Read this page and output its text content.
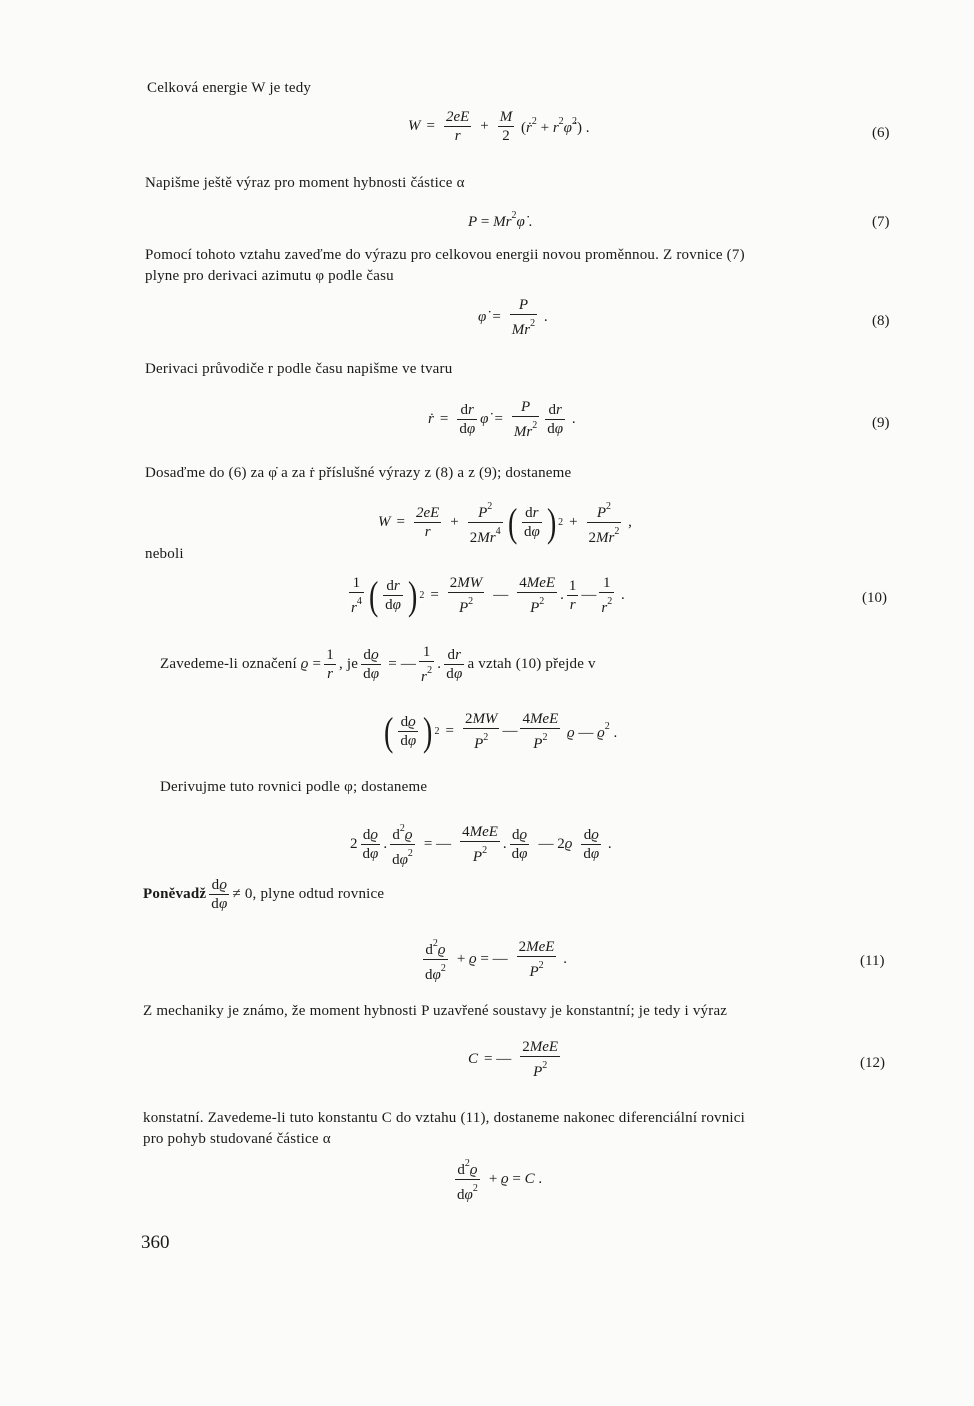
Celková energie W je tedy
$W = \frac{2eE}{r} + \frac{M}{2}$ (ṙ$^2$ + $r^2\varphi̇^2$) .	(6)
Napišme ještě výraz pro moment hybnosti částice α
$P = Mr^2\varphi̇$ .	(7)
Pomocí tohoto vztahu zaveďme do výrazu pro celkovou energii novou proměnnou. Z rovnice (7)
plyne pro derivaci azimutu φ podle času
φ̇ = $\frac{P}{Mr^2}$ .	(8)
Derivaci průvodiče r podle času napišme ve tvaru
ṙ = $\frac{dr}{d\varphi}$ φ̇ = $\frac{P}{Mr^2} \frac{dr}{d\varphi}$ .	(9)
Dosaďme do (6) za φ̇ a za ṙ příslušné výrazy z (8) a z (9); dostaneme
$W = \frac{2eE}{r} + \frac{P^2}{2Mr^4}$ ( $\frac{dr}{d\varphi}$ ) $2 + \frac{P^2}{2Mr^2}$ ,
neboli
$\frac{1}{r^4}$ ( $\frac{dr}{d\varphi}$ ) $2 = \frac{2MW}{P^2}$ — $\frac{\text{4MeE}}{P^2}$ . $\frac{1}{r}$ — $\frac{1}{r^2}$ .	(10)
Zavedeme-li označení $ϱ = \frac{1}{r}$ , je $\frac{dϱ}{d\varphi}$ = — $\frac{1}{r^2}$ . $\frac{dr}{d\varphi}$ a vztah (10) přejde v
( $\frac{dϱ}{d\varphi}$ ) $2 = \frac{2MW}{P^2}$ — $\frac{\text{4MeE}}{P^2}$ ϱ — $ϱ^2$ .
Derivujme tuto rovnici podle φ; dostaneme
$2 \frac{dϱ}{d\varphi}$ . $\frac{d^2ϱ}{d\varphi^2}$ = — $\frac{\text{4MeE}}{P^2}$ . $\frac{dϱ}{d\varphi}$ — $2ϱ \frac{dϱ}{d\varphi}$ .
Poněvadž $\frac{dϱ}{d\varphi} \ne 0$, plyne odtud rovnice
$\frac{d^2ϱ}{d\varphi^2} + ϱ$ = — $\frac{\text{2MeE}}{P^2}$ .	(11)
Z mechaniky je známo, že moment hybnosti P uzavřené soustavy je konstantní; je tedy i výraz
C = — $\frac{\text{2MeE}}{P^2}$	(12)
konstatní. Zavedeme-li tuto konstantu C do vztahu (11), dostaneme nakonec diferenciální rovnici
pro pohyb studované částice α
$\frac{d^2ϱ}{d\varphi^2} + ϱ = C$ .
360
